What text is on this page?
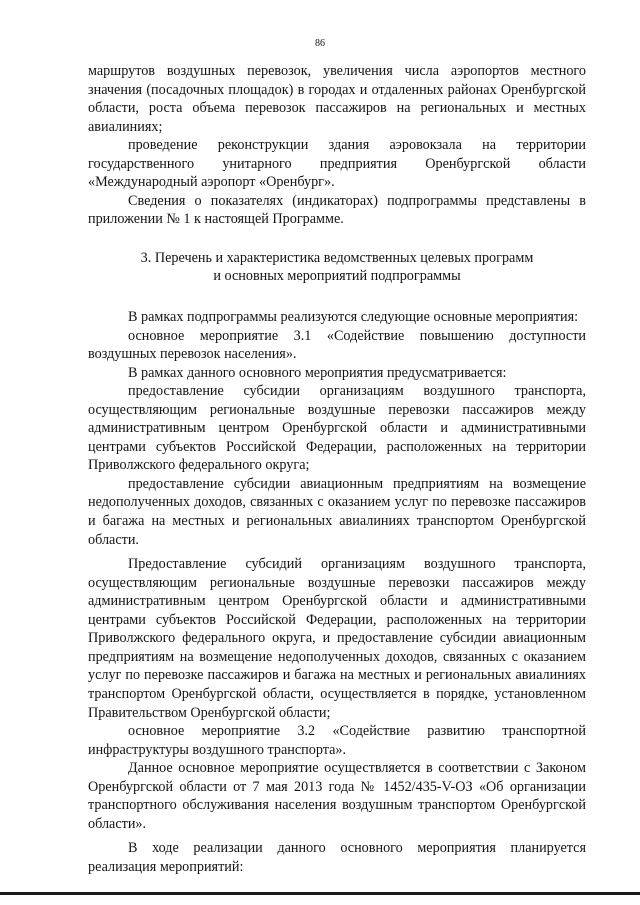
86

маршрутов воздушных перевозок, увеличения числа аэропортов местного значения (посадочных площадок) в городах и отдаленных районах Оренбургской области, роста объема перевозок пассажиров на региональных и местных авиалиниях;

проведение реконструкции здания аэровокзала на территории государственного унитарного предприятия Оренбургской области «Международный аэропорт «Оренбург».

Сведения о показателях (индикаторах) подпрограммы представлены в приложении № 1 к настоящей Программе.

3. Перечень и характеристика ведомственных целевых программ
и основных мероприятий подпрограммы

В рамках подпрограммы реализуются следующие основные мероприятия:

основное мероприятие 3.1 «Содействие повышению доступности воздушных перевозок населения».

В рамках данного основного мероприятия предусматривается:

предоставление субсидии организациям воздушного транспорта, осуществляющим региональные воздушные перевозки пассажиров между административным центром Оренбургской области и административными центрами субъектов Российской Федерации, расположенных на территории Приволжского федерального округа;

предоставление субсидии авиационным предприятиям на возмещение недополученных доходов, связанных с оказанием услуг по перевозке пассажиров и багажа на местных и региональных авиалиниях транспортом Оренбургской области.

Предоставление субсидий организациям воздушного транспорта, осуществляющим региональные воздушные перевозки пассажиров между административным центром Оренбургской области и административными центрами субъектов Российской Федерации, расположенных на территории Приволжского федерального округа, и предоставление субсидии авиационным предприятиям на возмещение недополученных доходов, связанных с оказанием услуг по перевозке пассажиров и багажа на местных и региональных авиалиниях транспортом Оренбургской области, осуществляется в порядке, установленном Правительством Оренбургской области;

основное мероприятие 3.2 «Содействие развитию транспортной инфраструктуры воздушного транспорта».

Данное основное мероприятие осуществляется в соответствии с Законом Оренбургской области от 7 мая 2013 года № 1452/435-V-ОЗ «Об организации транспортного обслуживания населения воздушным транспортом Оренбургской области».

В ходе реализации данного основного мероприятия планируется реализация мероприятий:
